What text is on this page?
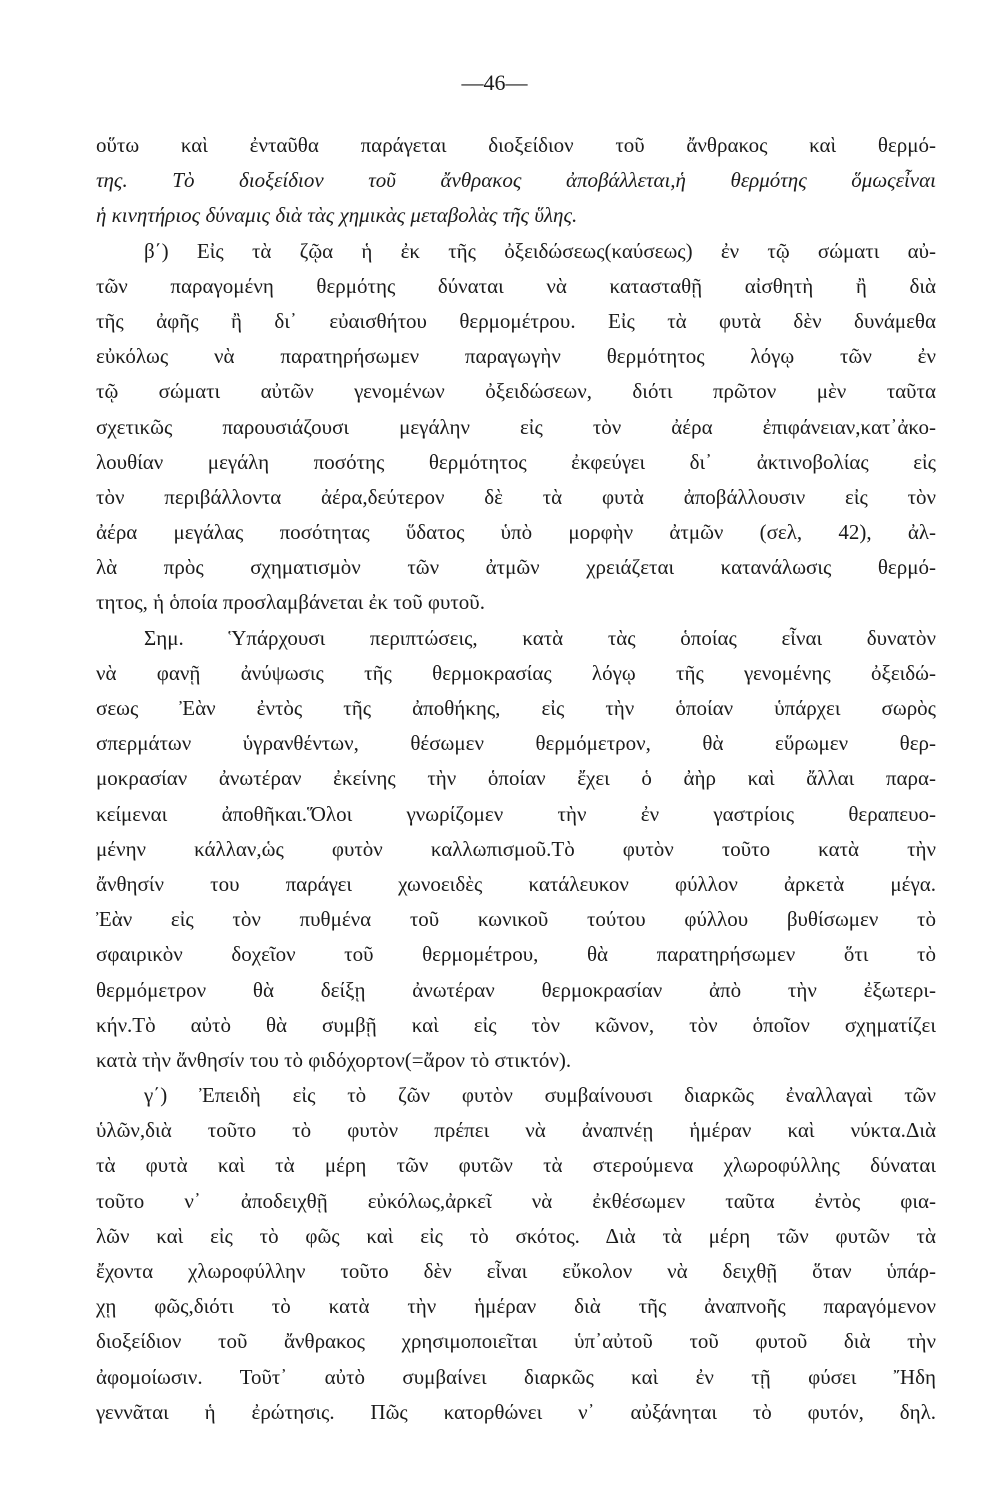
—46—
οὕτω καὶ ἐνταῦθα παράγεται διοξείδιον τοῦ ἄνθρακος καὶ θερμό-
της. Τὸ διοξείδιον τοῦ ἄνθρακος ἀποβάλλεται,ἡ θερμότης ὅμωςεἶναι
ἡ κινητήριος δύναμις διὰ τὰς χημικὰς μεταβολὰς τῆς ὕλης.
β΄) Εἰς τὰ ζῷα ἡ ἐκ τῆς ὀξειδώσεως(καύσεως) ἐν τῷ σώματι αὐ-
τῶν παραγομένη θερμότης δύναται νὰ κατασταθῇ αἰσθητὴ ἢ διὰ
τῆς ἀφῆς ἢ δι᾽ εὐαισθήτου θερμομέτρου. Εἰς τὰ φυτὰ δὲν δυνάμεθα
εὐκόλως νὰ παρατηρήσωμεν παραγωγὴν θερμότητος λόγῳ τῶν ἐν
τῷ σώματι αὐτῶν γενομένων ὀξειδώσεων, διότι πρῶτον μὲν ταῦτα
σχετικῶς παρουσιάζουσι μεγάλην εἰς τὸν ἀέρα ἐπιφάνειαν,κατ᾽ἀκο-
λουθίαν μεγάλη ποσότης θερμότητος ἐκφεύγει δι᾽ ἀκτινοβολίας εἰς
τὸν περιβάλλοντα ἀέρα,δεύτερον δὲ τὰ φυτὰ ἀποβάλλουσιν εἰς τὸν
ἀέρα μεγάλας ποσότητας ὕδατος ὑπὸ μορφὴν ἀτμῶν (σελ, 42), ἀλ-
λὰ πρὸς σχηματισμὸν τῶν ἀτμῶν χρειάζεται κατανάλωσις θερμό-
τητος, ἡ ὁποία προσλαμβάνεται ἐκ τοῦ φυτοῦ.
Σημ. Ὑπάρχουσι περιπτώσεις, κατὰ τὰς ὁποίας εἶναι δυνατὸν
νὰ φανῇ ἀνύψωσις τῆς θερμοκρασίας λόγῳ τῆς γενομένης ὀξειδώ-
σεως Ἐὰν ἐντὸς τῆς ἀποθήκης, εἰς τὴν ὁποίαν ὑπάρχει σωρὸς
σπερμάτων ὑγρανθέντων, θέσωμεν θερμόμετρον, θὰ εὕρωμεν θερ-
μοκρασίαν ἀνωτέραν ἐκείνης τὴν ὁποίαν ἔχει ὁ ἀὴρ καὶ ἄλλαι παρα-
κείμεναι ἀποθῆκαι.Ὅλοι γνωρίζομεν τὴν ἐν γαστρίοις θεραπευο-
μένην κάλλαν,ὡς φυτὸν καλλωπισμοῦ.Τὸ φυτὸν τοῦτο κατὰ τὴν
ἄνθησίν του παράγει χωνοειδὲς κατάλευκον φύλλον ἀρκετὰ μέγα.
Ἐὰν εἰς τὸν πυθμένα τοῦ κωνικοῦ τούτου φύλλου βυθίσωμεν τὸ
σφαιρικὸν δοχεῖον τοῦ θερμομέτρου, θὰ παρατηρήσωμεν ὅτι τὸ
θερμόμετρον θὰ δείξῃ ἀνωτέραν θερμοκρασίαν ἀπὸ τὴν ἐξωτερι-
κήν.Τὸ αὐτὸ θὰ συμβῇ καὶ εἰς τὸν κῶνον, τὸν ὁποῖον σχηματίζει
κατὰ τὴν ἄνθησίν του τὸ φιδόχορτον(=ἄρον τὸ στικτόν).
γ΄) Ἐπειδὴ εἰς τὸ ζῶν φυτὸν συμβαίνουσι διαρκῶς ἐναλλαγαὶ τῶν
ὑλῶν,διὰ τοῦτο τὸ φυτὸν πρέπει νὰ ἀναπνέῃ ἡμέραν καὶ νύκτα.Διὰ
τὰ φυτὰ καὶ τὰ μέρη τῶν φυτῶν τὰ στερούμενα χλωροφύλλης δύναται
τοῦτο ν᾽ ἀποδειχθῇ εὐκόλως,ἀρκεῖ νὰ ἐκθέσωμεν ταῦτα ἐντὸς φια-
λῶν καὶ εἰς τὸ φῶς καὶ εἰς τὸ σκότος. Διὰ τὰ μέρη τῶν φυτῶν τὰ
ἔχοντα χλωροφύλλην τοῦτο δὲν εἶναι εὔκολον νὰ δειχθῇ ὅταν ὑπάρ-
χῃ φῶς,διότι τὸ κατὰ τὴν ἡμέραν διὰ τῆς ἀναπνοῆς παραγόμενον
διοξείδιον τοῦ ἄνθρακος χρησιμοποιεῖται ὑπ᾽αὐτοῦ τοῦ φυτοῦ διὰ τὴν
ἀφομοίωσιν. Τοῦτ᾽ αὐτὸ συμβαίνει διαρκῶς καὶ ἐν τῇ φύσει Ἤδη
γεννᾶται ἡ ἐρώτησις. Πῶς κατορθώνει ν᾽ αὐξάνηται τὸ φυτόν, δηλ.
